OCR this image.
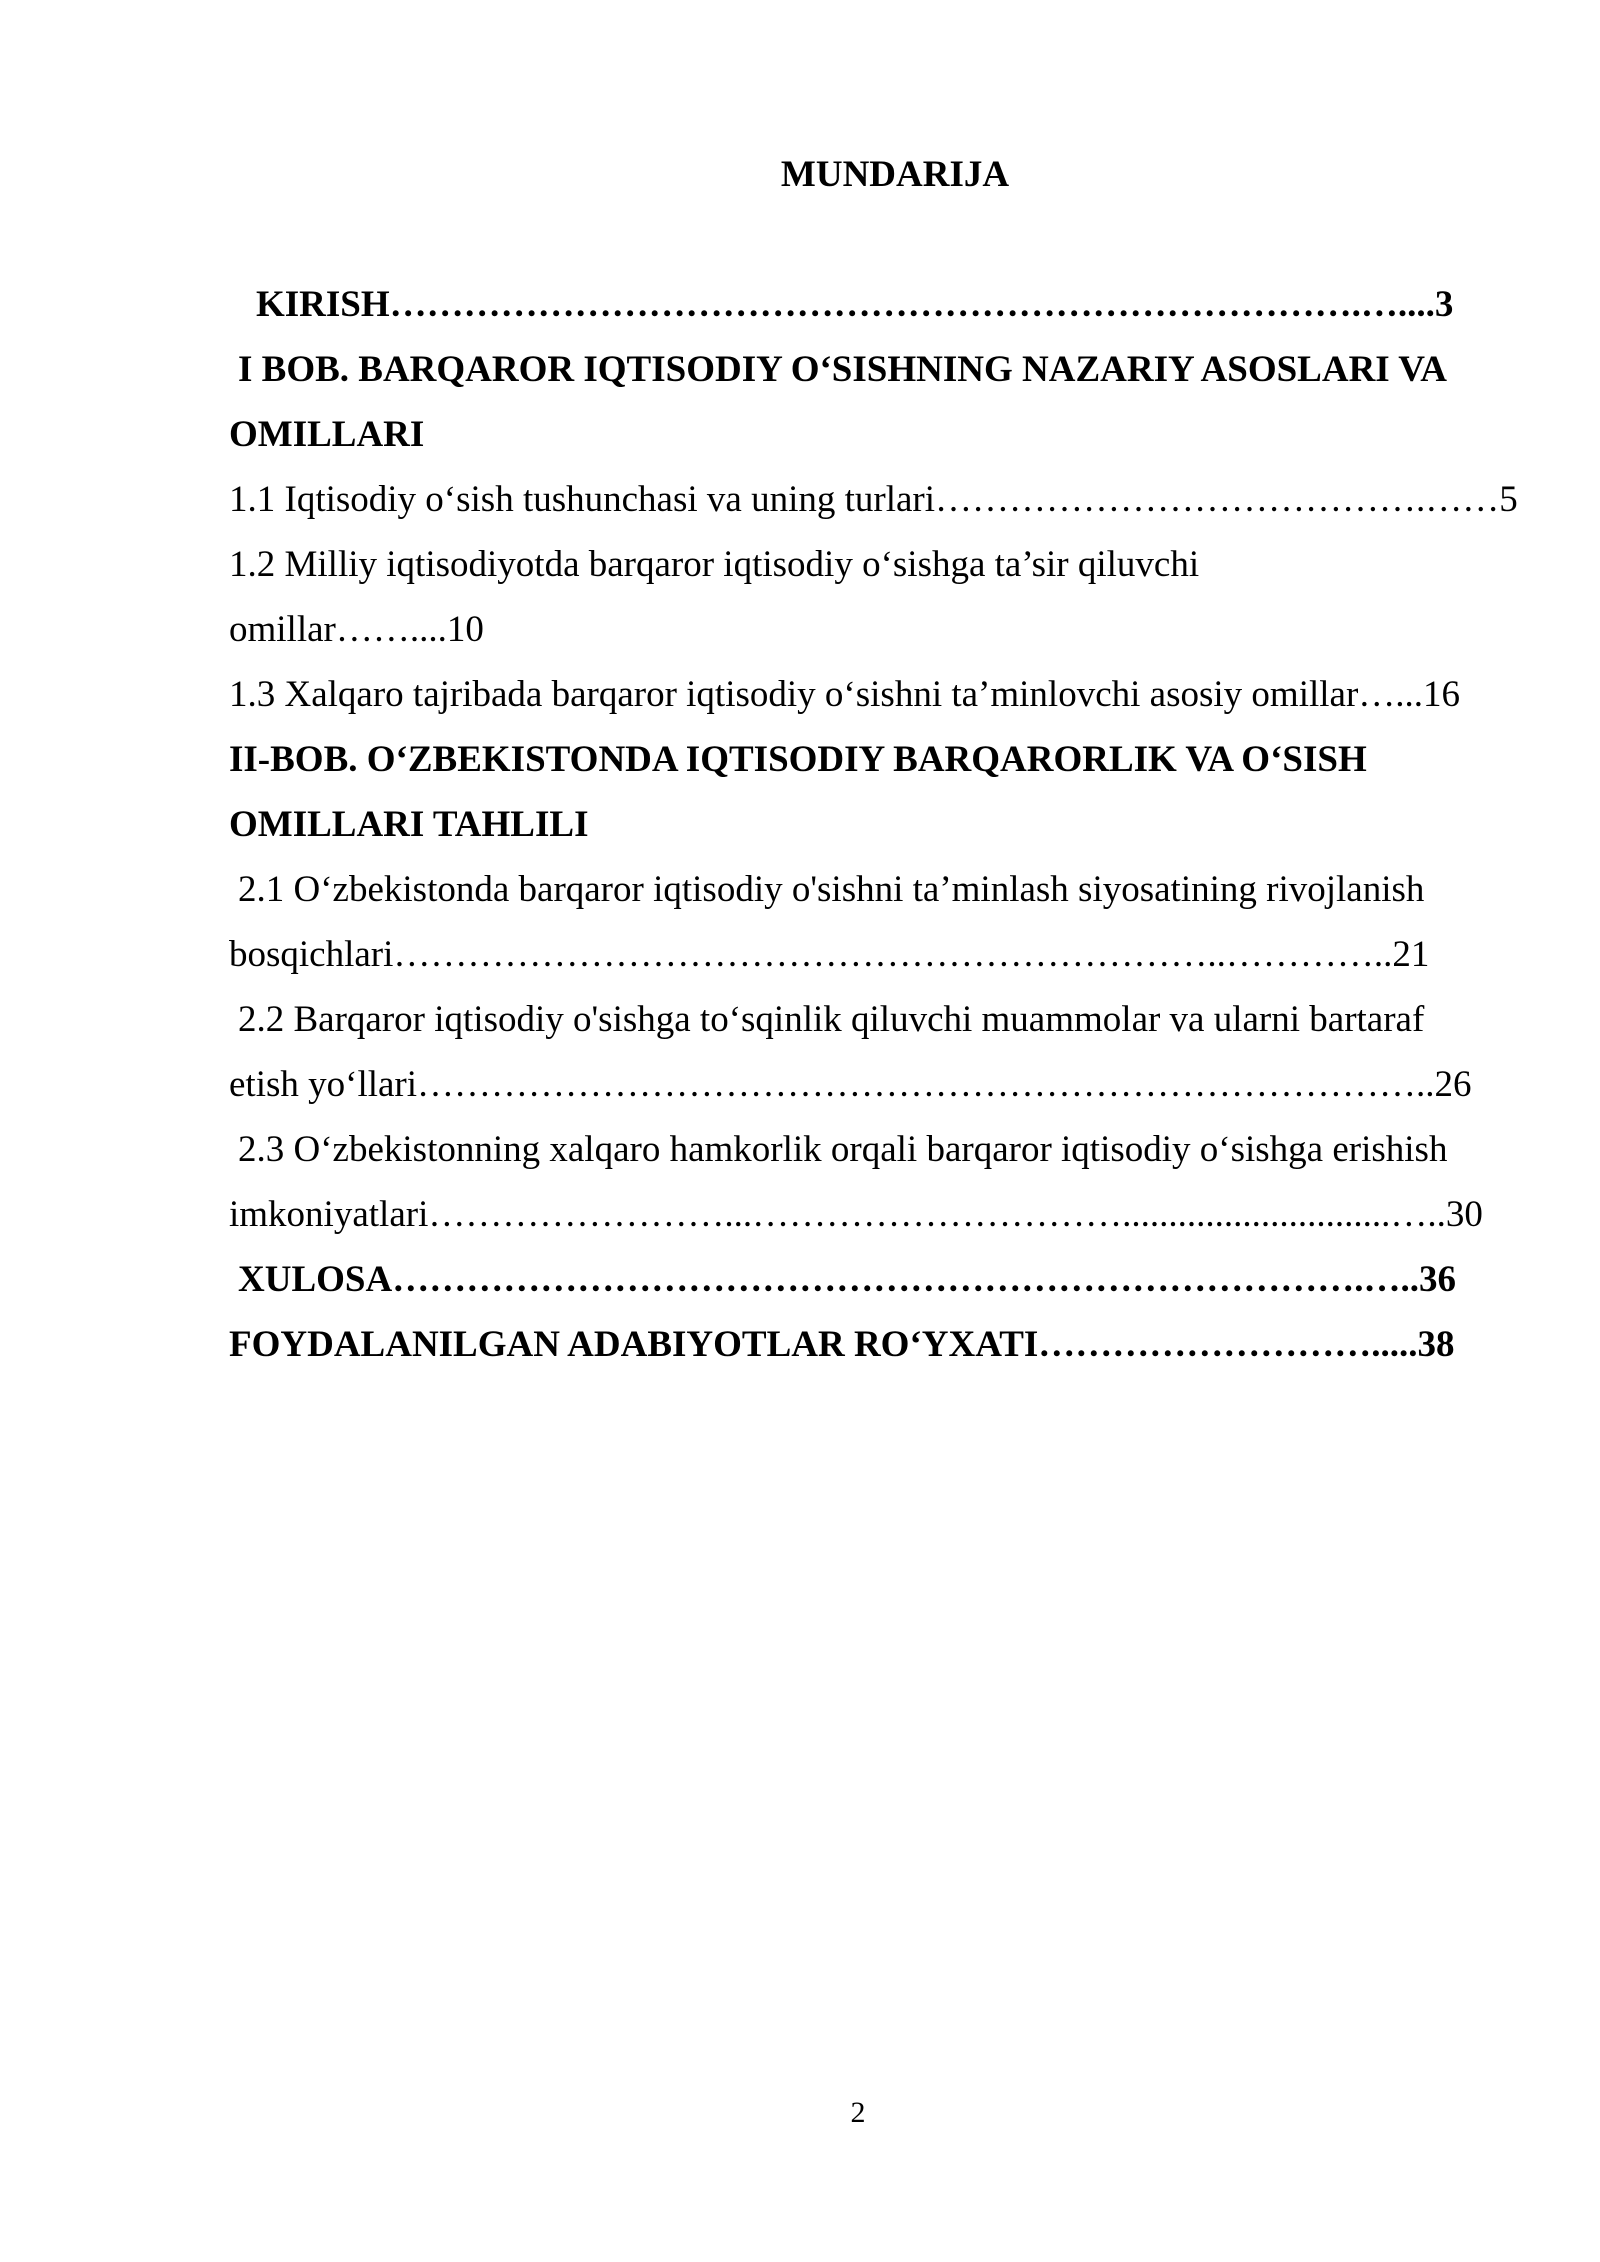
MUNDARIJA
KIRISH…………………………………………………………………….…....3
I BOB. BARQAROR IQTISODIY O‘SISHNING NAZARIY ASOSLARI VA
OMILLARI
1.1 Iqtisodiy o‘sish tushunchasi va uning turlari………………………………….……5
1.2 Milliy iqtisodiyotda barqaror iqtisodiy o‘sishga ta’sir qiluvchi
omillar……....10
1.3 Xalqaro tajribada barqaror iqtisodiy o‘sishni ta’minlovchi asosiy omillar…...16
II-BOB. O‘ZBEKISTONDA IQTISODIY BARQARORLIK VA O‘SISH
OMILLARI TAHLILI
2.1 O‘zbekistonda barqaror iqtisodiy o'sishni ta’minlash siyosatining rivojlanish
bosqichlari…………………………………………………………..…………..21
2.2 Barqaror iqtisodiy o'sishga to‘sqinlik qiluvchi muammolar va ularni bartaraf
etish yo‘llari………………………………………………………………………..26
2.3 O‘zbekistonning xalqaro hamkorlik orqali barqaror iqtisodiy o‘sishga erishish
imkoniyatlari……………………...………………………….............................…..30
XULOSA…………………………………………………………………….…..36
FOYDALANILGAN ADABIYOTLAR RO‘YXATI……………………….....38
2
